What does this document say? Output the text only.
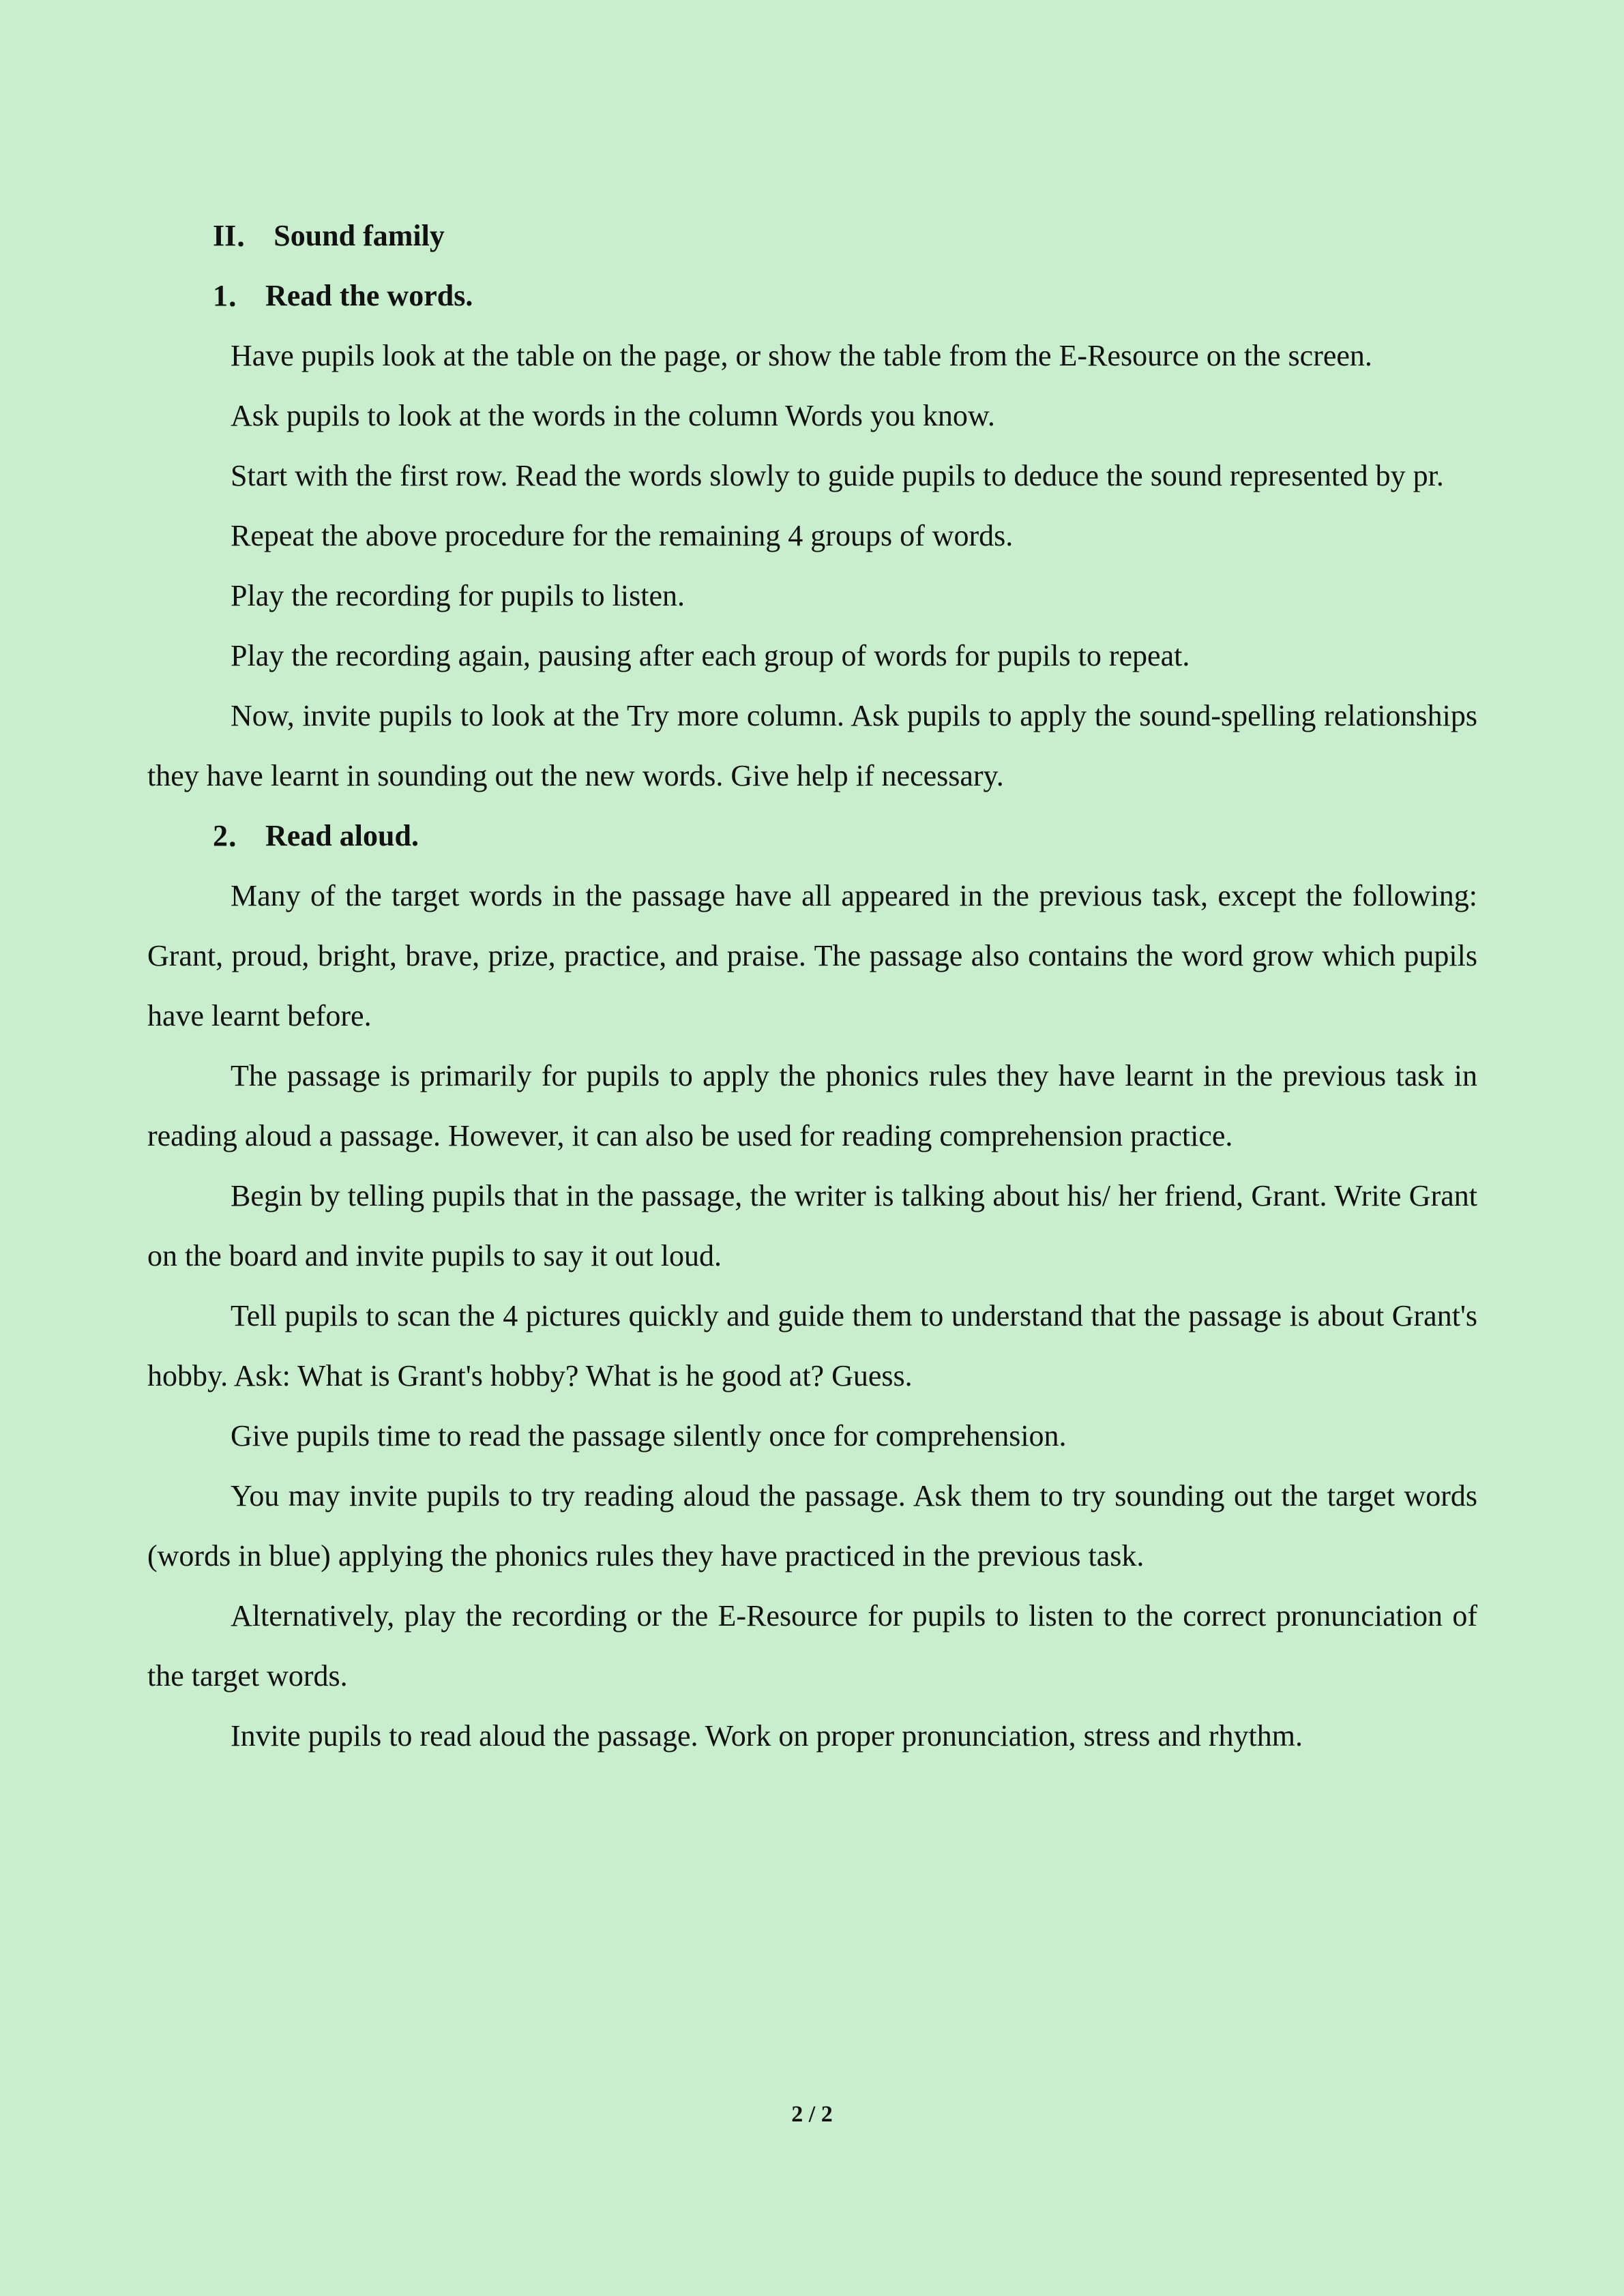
II． Sound family
1． Read the words.

Have pupils look at the table on the page, or show the table from the E-Resource on the screen.

Ask pupils to look at the words in the column Words you know.

Start with the first row. Read the words slowly to guide pupils to deduce the sound represented by pr.

Repeat the above procedure for the remaining 4 groups of words.

Play the recording for pupils to listen.

Play the recording again, pausing after each group of words for pupils to repeat.

Now, invite pupils to look at the Try more column. Ask pupils to apply the sound-spelling relationships they have learnt in sounding out the new words. Give help if necessary.

2． Read aloud.

Many of the target words in the passage have all appeared in the previous task, except the following: Grant, proud, bright, brave, prize, practice, and praise. The passage also contains the word grow which pupils have learnt before.

The passage is primarily for pupils to apply the phonics rules they have learnt in the previous task in reading aloud a passage. However, it can also be used for reading comprehension practice.

Begin by telling pupils that in the passage, the writer is talking about his/ her friend, Grant. Write Grant on the board and invite pupils to say it out loud.

Tell pupils to scan the 4 pictures quickly and guide them to understand that the passage is about Grant's hobby. Ask: What is Grant's hobby? What is he good at? Guess.

Give pupils time to read the passage silently once for comprehension.

You may invite pupils to try reading aloud the passage. Ask them to try sounding out the target words (words in blue) applying the phonics rules they have practiced in the previous task.

Alternatively, play the recording or the E-Resource for pupils to listen to the correct pronunciation of the target words.

Invite pupils to read aloud the passage. Work on proper pronunciation, stress and rhythm.

2 / 2
